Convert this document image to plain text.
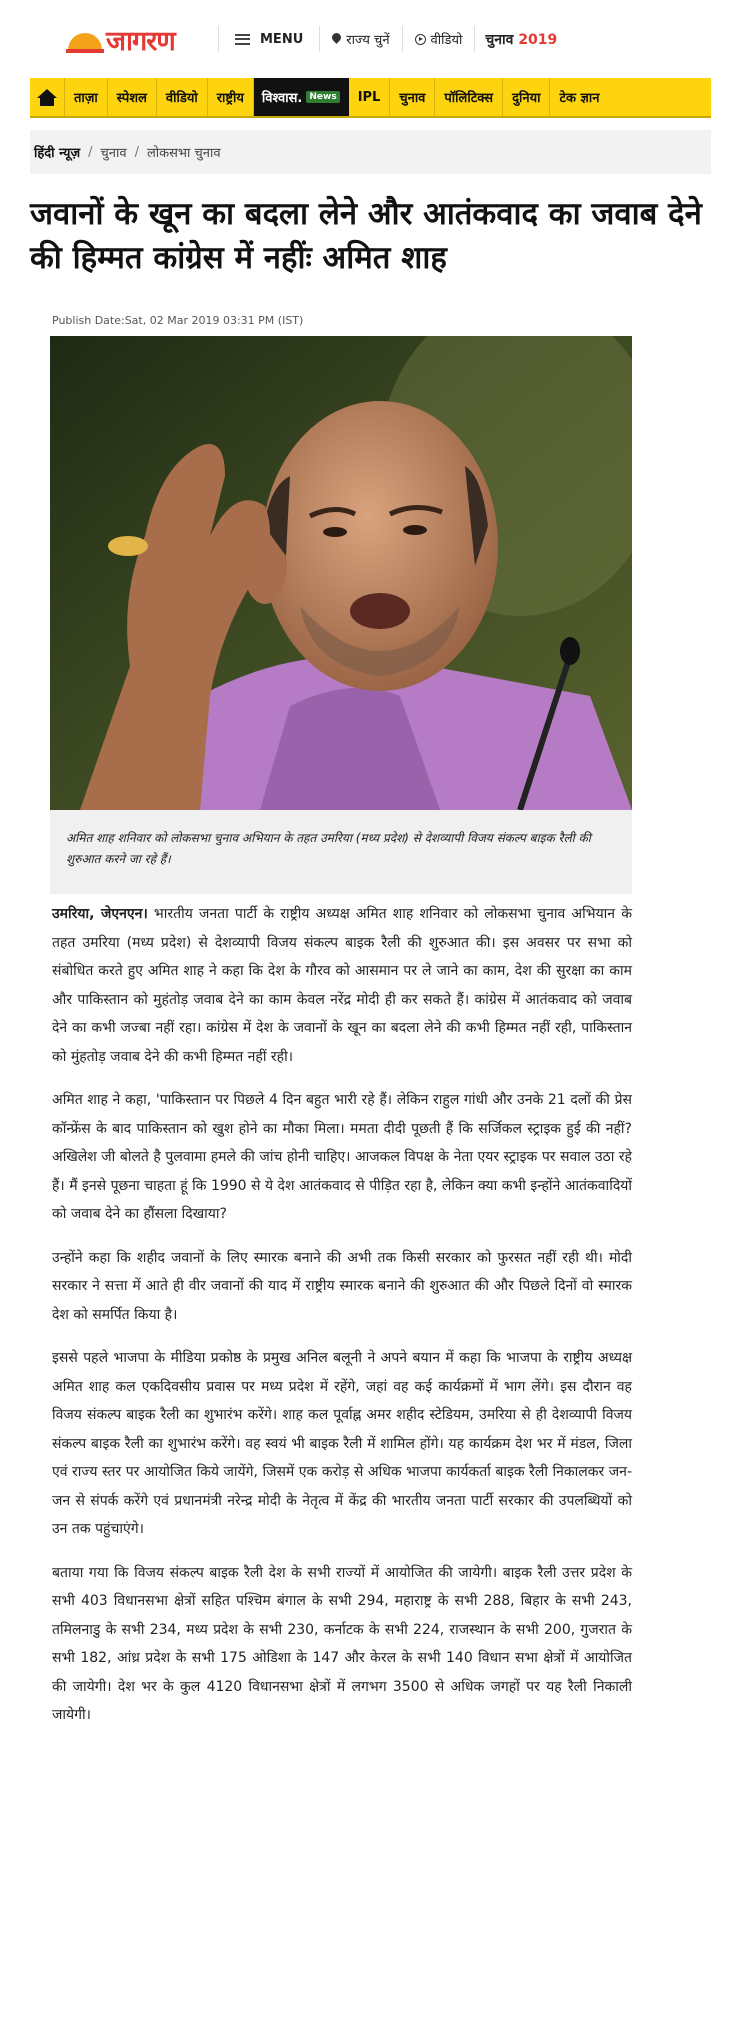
जागरण	MENU	राज्य चुनें	वीडियो	चुनाव 2019
ताज़ा	स्पेशल	वीडियो	राष्ट्रीय	विश्वास. News	IPL	चुनाव	पॉलिटिक्स	दुनिया	टेक ज्ञान
हिंदी न्यूज़ / चुनाव / लोकसभा चुनाव
जवानों के खून का बदला लेने और आतंकवाद का जवाब देने की हिम्मत कांग्रेस में नहींः अमित शाह
Publish Date:Sat, 02 Mar 2019 03:31 PM (IST)
अमित शाह शनिवार को लोकसभा चुनाव अभियान के तहत उमरिया (मध्य प्रदेश) से देशव्यापी विजय संकल्प बाइक रैली की शुरुआत करने जा रहे हैं।

उमरिया, जेएनएन। भारतीय जनता पार्टी के राष्ट्रीय अध्यक्ष अमित शाह शनिवार को लोकसभा चुनाव अभियान के तहत उमरिया (मध्य प्रदेश) से देशव्यापी विजय संकल्प बाइक रैली की शुरुआत की। इस अवसर पर सभा को संबोधित करते हुए अमित शाह ने कहा कि देश के गौरव को आसमान पर ले जाने का काम, देश की सुरक्षा का काम और पाकिस्तान को मुहंतोड़ जवाब देने का काम केवल नरेंद्र मोदी ही कर सकते हैं। कांग्रेस में आतंकवाद को जवाब देने का कभी जज्बा नहीं रहा। कांग्रेस में देश के जवानों के खून का बदला लेने की कभी हिम्मत नहीं रही, पाकिस्तान को मुंहतोड़ जवाब देने की कभी हिम्मत नहीं रही।

अमित शाह ने कहा, 'पाकिस्तान पर पिछले 4 दिन बहुत भारी रहे हैं। लेकिन राहुल गांधी और उनके 21 दलों की प्रेस कॉन्फ्रेंस के बाद पाकिस्तान को खुश होने का मौका मिला। ममता दीदी पूछती हैं कि सर्जिकल स्ट्राइक हुई की नहीं? अखिलेश जी बोलते है पुलवामा हमले की जांच होनी चाहिए। आजकल विपक्ष के नेता एयर स्ट्राइक पर सवाल उठा रहे हैं। मैं इनसे पूछना चाहता हूं कि 1990 से ये देश आतंकवाद से पीड़ित रहा है, लेकिन क्या कभी इन्होंने आतंकवादियों को जवाब देने का हौंसला दिखाया?

उन्होंने कहा कि शहीद जवानों के लिए स्मारक बनाने की अभी तक किसी सरकार को फुरसत नहीं रही थी। मोदी सरकार ने सत्ता में आते ही वीर जवानों की याद में राष्ट्रीय स्मारक बनाने की शुरुआत की और पिछले दिनों वो स्मारक देश को समर्पित किया है।

इससे पहले भाजपा के मीडिया प्रकोष्ठ के प्रमुख अनिल बलूनी ने अपने बयान में कहा कि भाजपा के राष्ट्रीय अध्यक्ष अमित शाह कल एकदिवसीय प्रवास पर मध्य प्रदेश में रहेंगे, जहां वह कई कार्यक्रमों में भाग लेंगे। इस दौरान वह विजय संकल्प बाइक रैली का शुभारंभ करेंगे। शाह कल पूर्वाह्न अमर शहीद स्टेडियम, उमरिया से ही देशव्यापी विजय संकल्प बाइक रैली का शुभारंभ करेंगे। वह स्वयं भी बाइक रैली में शामिल होंगे। यह कार्यक्रम देश भर में मंडल, जिला एवं राज्य स्तर पर आयोजित किये जायेंगे, जिसमें एक करोड़ से अधिक भाजपा कार्यकर्ता बाइक रैली निकालकर जन-जन से संपर्क करेंगे एवं प्रधानमंत्री नरेन्द्र मोदी के नेतृत्व में केंद्र की भारतीय जनता पार्टी सरकार की उपलब्धियों को उन तक पहुंचाएंगे।

बताया गया कि विजय संकल्प बाइक रैली देश के सभी राज्यों में आयोजित की जायेगी। बाइक रैली उत्तर प्रदेश के सभी 403 विधानसभा क्षेत्रों सहित पश्चिम बंगाल के सभी 294, महाराष्ट्र के सभी 288, बिहार के सभी 243, तमिलनाडु के सभी 234, मध्य प्रदेश के सभी 230, कर्नाटक के सभी 224, राजस्थान के सभी 200, गुजरात के सभी 182, आंध्र प्रदेश के सभी 175 ओडिशा के 147 और केरल के सभी 140 विधान सभा क्षेत्रों में आयोजित की जायेगी। देश भर के कुल 4120 विधानसभा क्षेत्रों में लगभग 3500 से अधिक जगहों पर यह रैली निकाली जायेगी।
